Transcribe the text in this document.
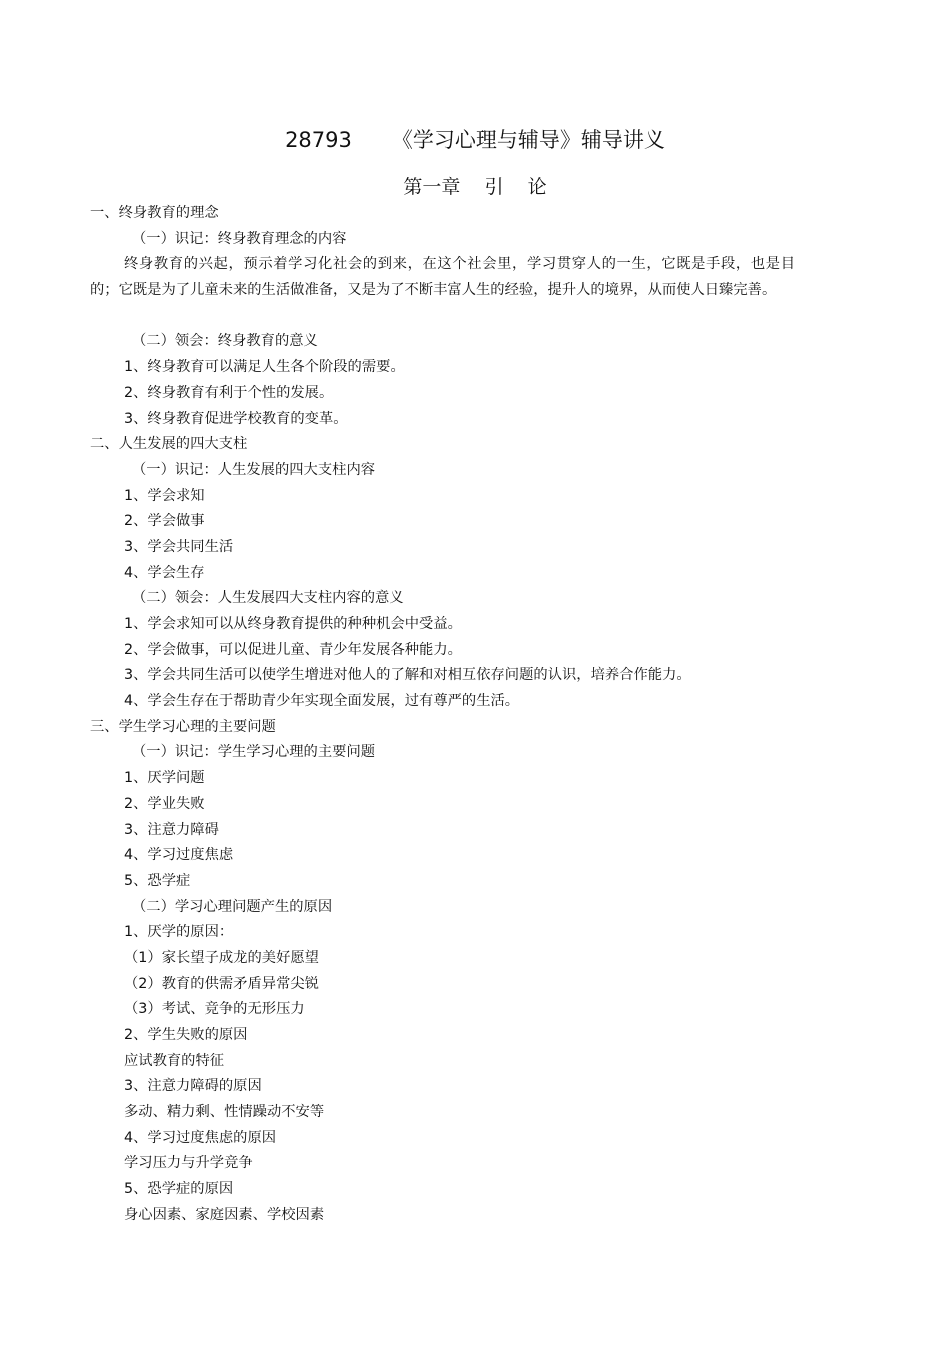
28793      《学习心理与辅导》辅导讲义
第一章    引    论
一、终身教育的理念
（一）识记：终身教育理念的内容

终身教育的兴起，预示着学习化社会的到来，在这个社会里，学习贯穿人的一生，它既是手段，也是目的；它既是为了儿童未来的生活做准备，又是为了不断丰富人生的经验，提升人的境界，从而使人日臻完善。

（二）领会：终身教育的意义
1、终身教育可以满足人生各个阶段的需要。
2、终身教育有利于个性的发展。
3、终身教育促进学校教育的变革。
二、人生发展的四大支柱
（一）识记：人生发展的四大支柱内容
1、学会求知
2、学会做事
3、学会共同生活
4、学会生存
（二）领会：人生发展四大支柱内容的意义
1、学会求知可以从终身教育提供的种种机会中受益。
2、学会做事，可以促进儿童、青少年发展各种能力。
3、学会共同生活可以使学生增进对他人的了解和对相互依存问题的认识，培养合作能力。
4、学会生存在于帮助青少年实现全面发展，过有尊严的生活。
三、学生学习心理的主要问题
（一）识记：学生学习心理的主要问题
1、厌学问题
2、学业失败
3、注意力障碍
4、学习过度焦虑
5、恐学症
（二）学习心理问题产生的原因
1、厌学的原因：
（1）家长望子成龙的美好愿望
（2）教育的供需矛盾异常尖锐
（3）考试、竞争的无形压力
2、学生失败的原因
应试教育的特征
3、注意力障碍的原因
多动、精力剩、性情躁动不安等
4、学习过度焦虑的原因
学习压力与升学竞争
5、恐学症的原因
身心因素、家庭因素、学校因素
